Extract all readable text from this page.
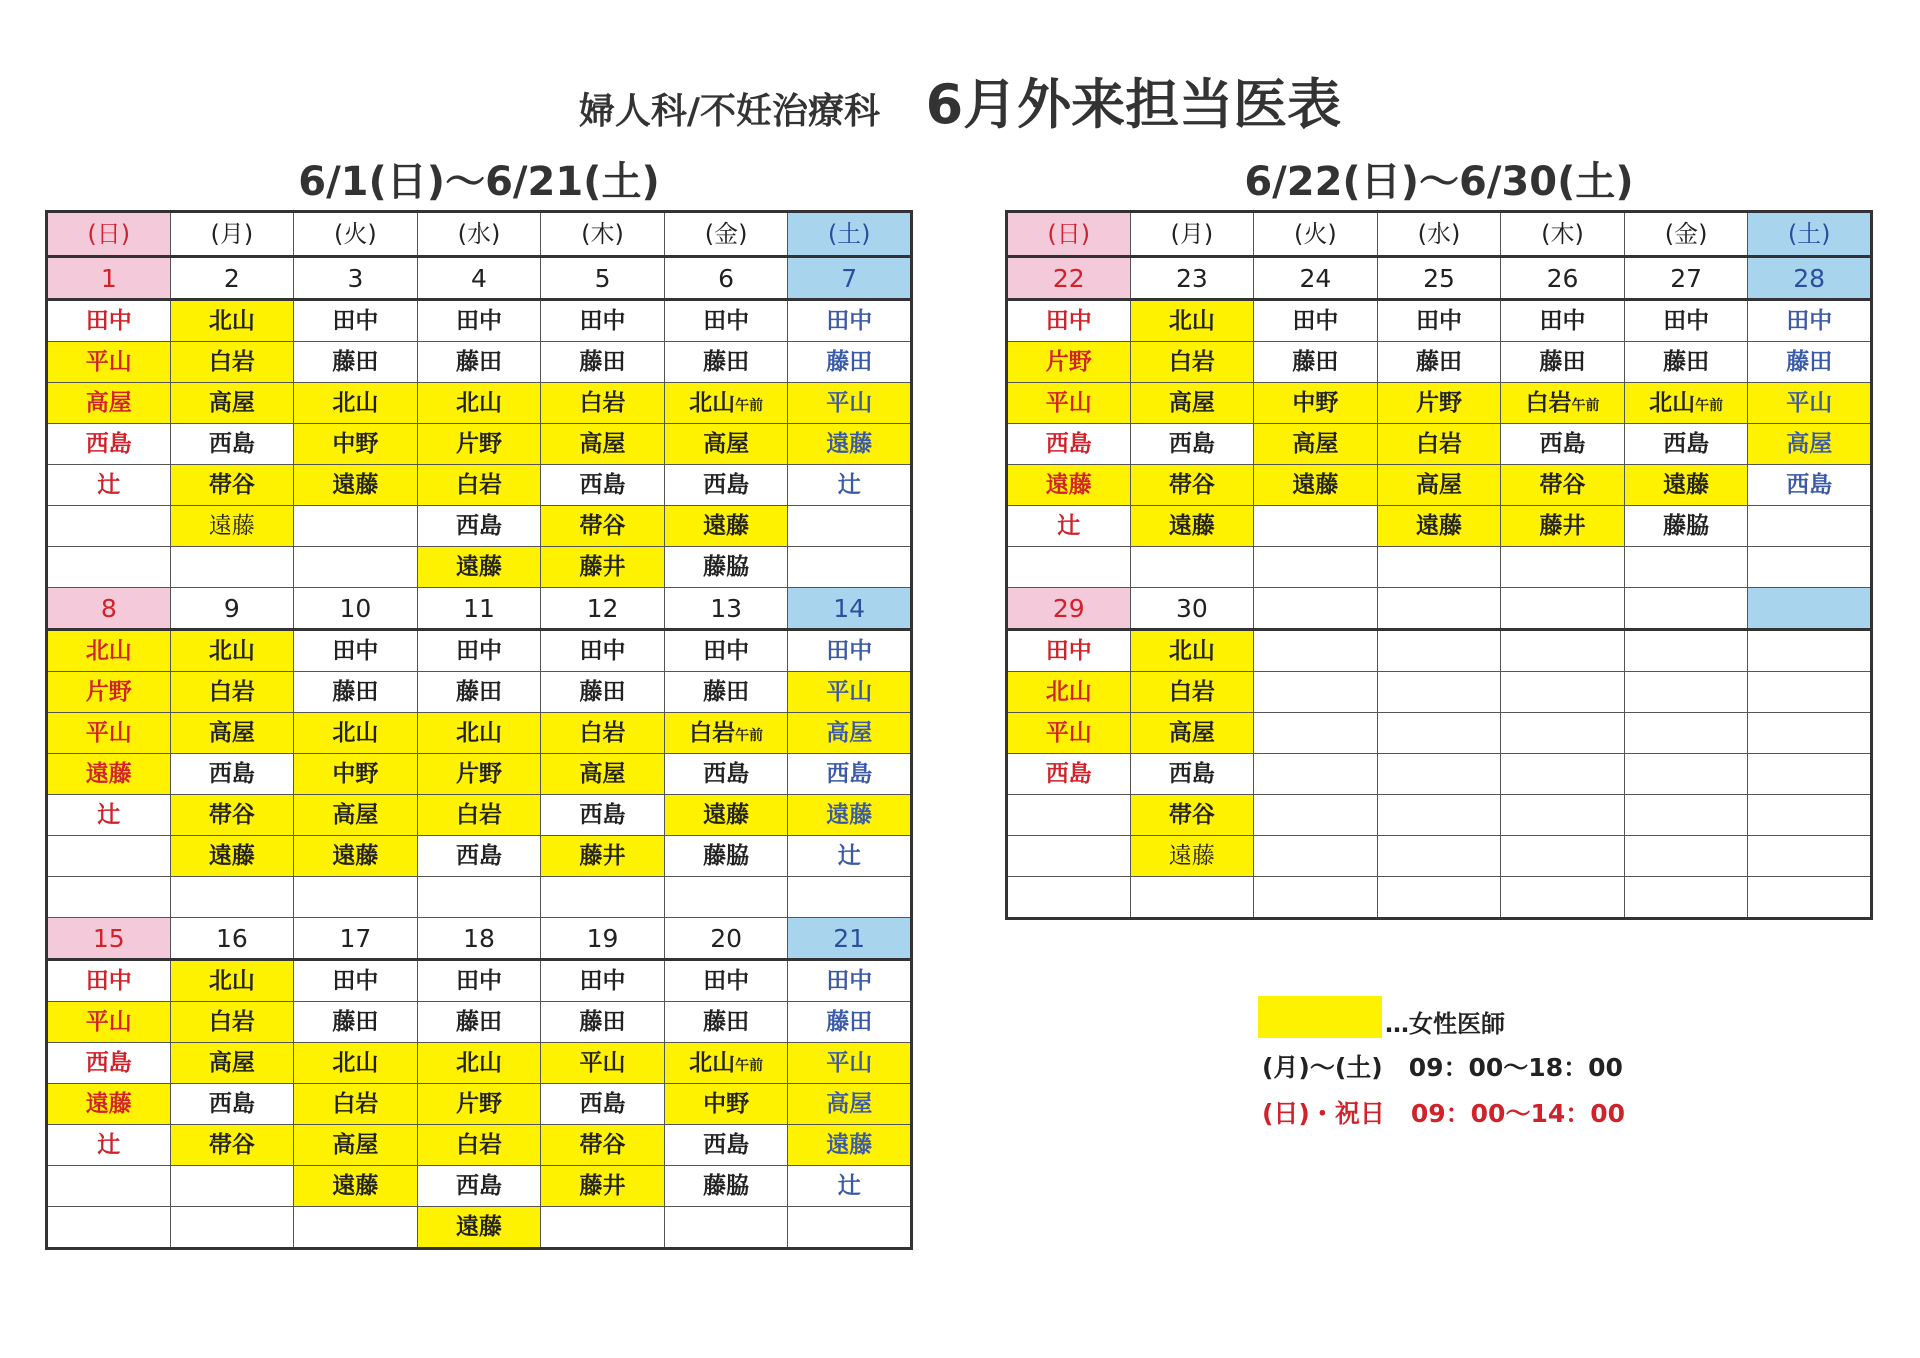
婦人科/不妊治療科 6月外来担当医表
6/1(日)〜6/21(土)	6/22(日)〜6/30(土)
(日)	(月)	(火)	(水)	(木)	(金)	(土)
1	2	3	4	5	6	7
田中	北山	田中	田中	田中	田中	田中
平山	白岩	藤田	藤田	藤田	藤田	藤田
高屋	高屋	北山	北山	白岩	北山午前	平山
西島	西島	中野	片野	高屋	高屋	遠藤
辻	帯谷	遠藤	白岩	西島	西島	辻
	遠藤		西島	帯谷	遠藤	
			遠藤	藤井	藤脇	
8	9	10	11	12	13	14
北山	北山	田中	田中	田中	田中	田中
片野	白岩	藤田	藤田	藤田	藤田	平山
平山	高屋	北山	北山	白岩	白岩午前	高屋
遠藤	西島	中野	片野	高屋	西島	西島
辻	帯谷	高屋	白岩	西島	遠藤	遠藤
	遠藤	遠藤	西島	藤井	藤脇	辻

15	16	17	18	19	20	21
田中	北山	田中	田中	田中	田中	田中
平山	白岩	藤田	藤田	藤田	藤田	藤田
西島	高屋	北山	北山	平山	北山午前	平山
遠藤	西島	白岩	片野	西島	中野	高屋
辻	帯谷	高屋	白岩	帯谷	西島	遠藤
		遠藤	西島	藤井	藤脇	辻
			遠藤			
(日)	(月)	(火)	(水)	(木)	(金)	(土)
22	23	24	25	26	27	28
田中	北山	田中	田中	田中	田中	田中
片野	白岩	藤田	藤田	藤田	藤田	藤田
平山	高屋	中野	片野	白岩午前	北山午前	平山
西島	西島	高屋	白岩	西島	西島	高屋
遠藤	帯谷	遠藤	高屋	帯谷	遠藤	西島
辻	遠藤		遠藤	藤井	藤脇	

29	30					
田中	北山					
北山	白岩					
平山	高屋					
西島	西島					
	帯谷					
	遠藤					

…女性医師
(月)〜(土) 09：00〜18：00
(日)・祝日 09：00〜14：00
